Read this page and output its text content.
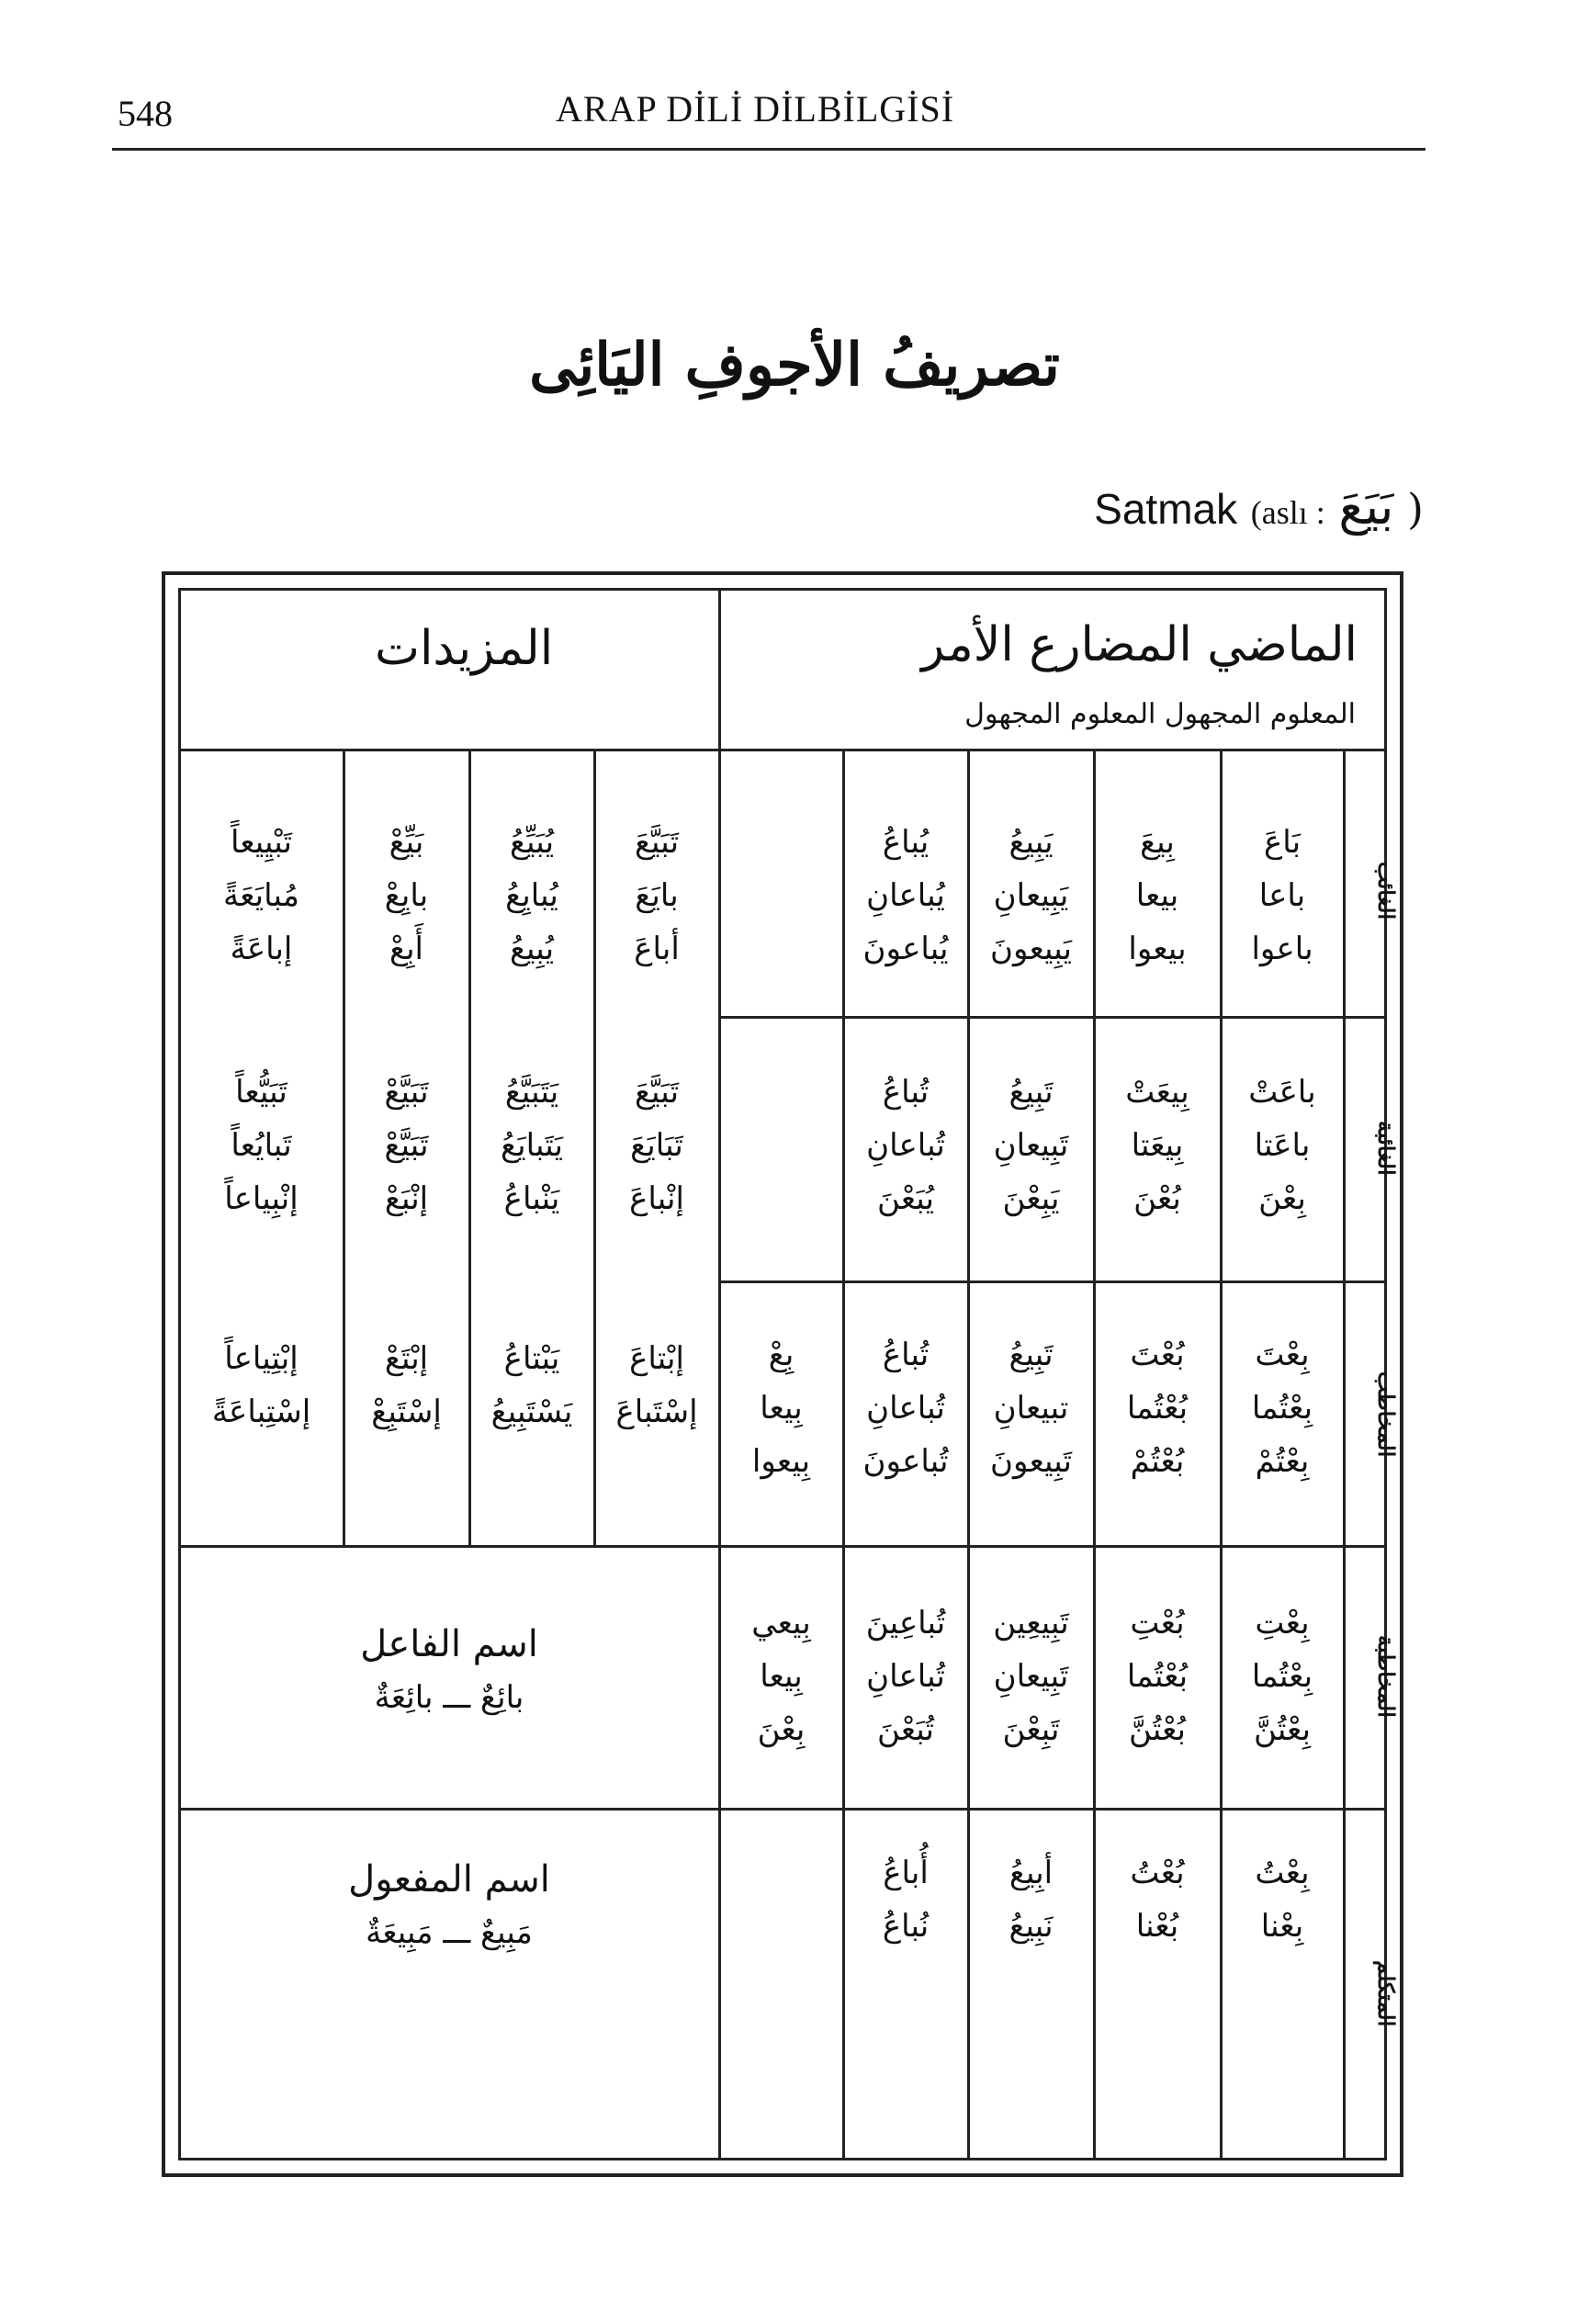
548	ARAP DİLİ DİLBİLGİSİ
تصريفُ الأجوفِ اليَائِى
Satmak (aslı : بَيَعَ )
المزيدات	الماضي المضارع الأمر
المعلوم المجهول المعلوم المجهول
الغائب
الغائبة
المخاطب
المخاطبة
المتكلم
بَاعَ
باعا
باعوا
بِيعَ
بيعا
بيعوا
يَبِيعُ
يَبِيعانِ
يَبِيعونَ
يُباعُ
يُباعانِ
يُباعونَ
تَبَيَّعَ
بايَعَ
أباعَ
يُبَيِّعُ
يُبايِعُ
يُبِيعُ
بَيِّعْ
بايِعْ
أَبِعْ
تَبْيِيعاً
مُبايَعَةً
إباعَةً
باعَتْ
باعَتا
بِعْنَ
بِيعَتْ
بِيعَتا
بُعْنَ
تَبِيعُ
تَبِيعانِ
يَبِعْنَ
تُباعُ
تُباعانِ
يُبَعْنَ
تَبَيَّعَ
تَبَايَعَ
إنْباعَ
يَتَبَيَّعُ
يَتَبايَعُ
يَنْباعُ
تَبَيَّعْ
تَبَيَّعْ
إنْبَعْ
تَبَيُّعاً
تَبايُعاً
إنْبِياعاً
بِعْتَ
بِعْتُما
بِعْتُمْ
بُعْتَ
بُعْتُما
بُعْتُمْ
تَبِيعُ
تبيعانِ
تَبِيعونَ
تُباعُ
تُباعانِ
تُباعونَ
بِعْ
بِيعا
بِيعوا
إبْتاعَ
إسْتَباعَ
يَبْتاعُ
يَسْتَبِيعُ
إبْتَعْ
إسْتَبِعْ
إبْتِياعاً
إسْتِباعَةً
بِعْتِ
بِعْتُما
بِعْتُنَّ
بُعْتِ
بُعْتُما
بُعْتُنَّ
تَبِيعِين
تَبِيعانِ
تَبِعْنَ
تُباعِينَ
تُباعانِ
تُبَعْنَ
بِيعي
بِيعا
بِعْنَ
اسم الفاعل
بائِعٌ ـــ بائِعَةٌ
بِعْتُ
بِعْنا
بُعْتُ
بُعْنا
أبِيعُ
نَبِيعُ
أُباعُ
نُباعُ
اسم المفعول
مَبِيعٌ ـــ مَبِيعَةٌ
